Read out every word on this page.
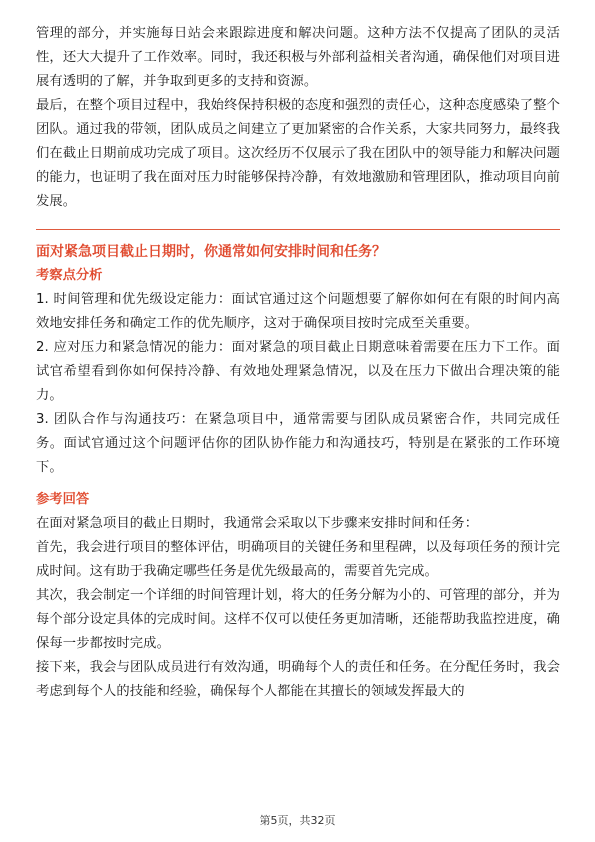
管理的部分，并实施每日站会来跟踪进度和解决问题。这种方法不仅提高了团队的灵活性，还大大提升了工作效率。同时，我还积极与外部利益相关者沟通，确保他们对项目进展有透明的了解，并争取到更多的支持和资源。

最后，在整个项目过程中，我始终保持积极的态度和强烈的责任心，这种态度感染了整个团队。通过我的带领，团队成员之间建立了更加紧密的合作关系，大家共同努力，最终我们在截止日期前成功完成了项目。这次经历不仅展示了我在团队中的领导能力和解决问题的能力，也证明了我在面对压力时能够保持冷静，有效地激励和管理团队，推动项目向前发展。

面对紧急项目截止日期时，你通常如何安排时间和任务？

考察点分析

1. 时间管理和优先级设定能力：面试官通过这个问题想要了解你如何在有限的时间内高效地安排任务和确定工作的优先顺序，这对于确保项目按时完成至关重要。

2. 应对压力和紧急情况的能力：面对紧急的项目截止日期意味着需要在压力下工作。面试官希望看到你如何保持冷静、有效地处理紧急情况，以及在压力下做出合理决策的能力。

3. 团队合作与沟通技巧：在紧急项目中，通常需要与团队成员紧密合作，共同完成任务。面试官通过这个问题评估你的团队协作能力和沟通技巧，特别是在紧张的工作环境下。

参考回答

在面对紧急项目的截止日期时，我通常会采取以下步骤来安排时间和任务：

首先，我会进行项目的整体评估，明确项目的关键任务和里程碑，以及每项任务的预计完成时间。这有助于我确定哪些任务是优先级最高的，需要首先完成。

其次，我会制定一个详细的时间管理计划，将大的任务分解为小的、可管理的部分，并为每个部分设定具体的完成时间。这样不仅可以使任务更加清晰，还能帮助我监控进度，确保每一步都按时完成。

接下来，我会与团队成员进行有效沟通，明确每个人的责任和任务。在分配任务时，我会考虑到每个人的技能和经验，确保每个人都能在其擅长的领域发挥最大的

第5页，共32页
